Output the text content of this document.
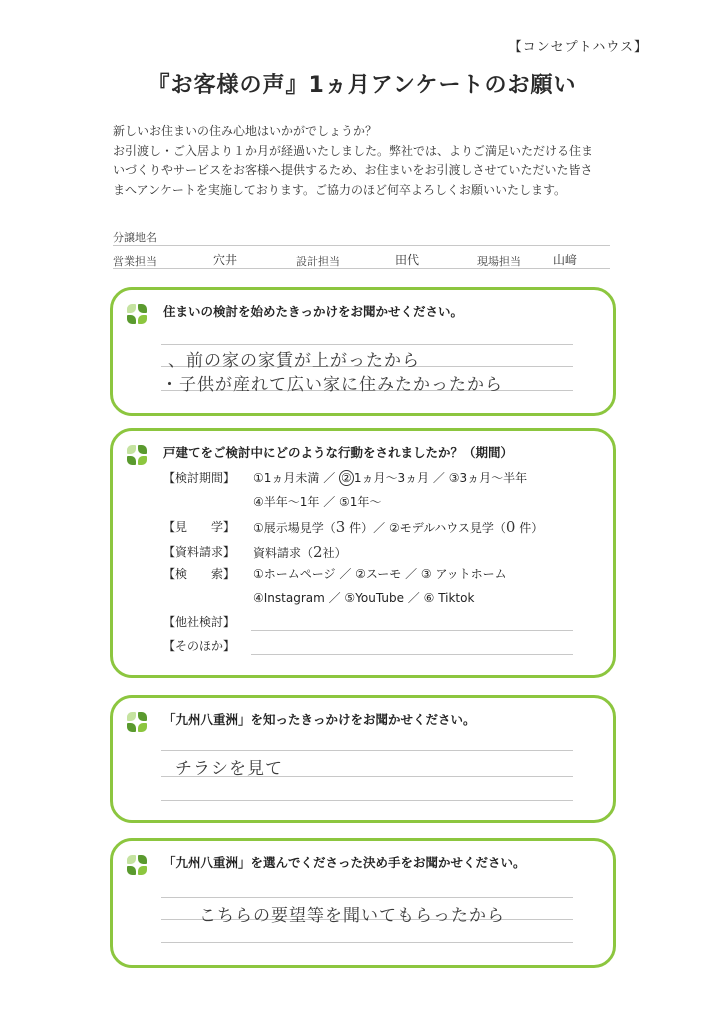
【コンセプトハウス】
『お客様の声』1ヵ月アンケートのお願い
新しいお住まいの住み心地はいかがでしょうか？
お引渡し・ご入居より１か月が経過いたしました。弊社では、よりご満足いただける住ま
いづくりやサービスをお客様へ提供するため、お住まいをお引渡しさせていただいた皆さ
まへアンケートを実施しております。ご協力のほど何卒よろしくお願いいたします。
分譲地名
営業担当	穴井	設計担当	田代	現場担当	山﨑
住まいの検討を始めたきっかけをお聞かせください。
、前の家の家賃が上がったから
・子供が産れて広い家に住みたかったから
戸建てをご検討中にどのような行動をされましたか？（期間）
【検討期間】 ①1ヵ月未満 ／ ② 1ヵ月〜3ヵ月 ／ ③3ヵ月〜半年
④半年〜1年 ／ ⑤1年〜
【見　　学】 ①展示場見学（3 件）／ ②モデルハウス見学（0 件）
【資料請求】 資料請求（2社）
【検　　索】 ①ホームページ ／ ②スーモ ／ ③ アットホーム
④Instagram ／ ⑤YouTube ／ ⑥ Tiktok
【他社検討】
【そのほか】
「九州八重洲」を知ったきっかけをお聞かせください。
チラシを見て
「九州八重洲」を選んでくださった決め手をお聞かせください。
こちらの要望等を聞いてもらったから
